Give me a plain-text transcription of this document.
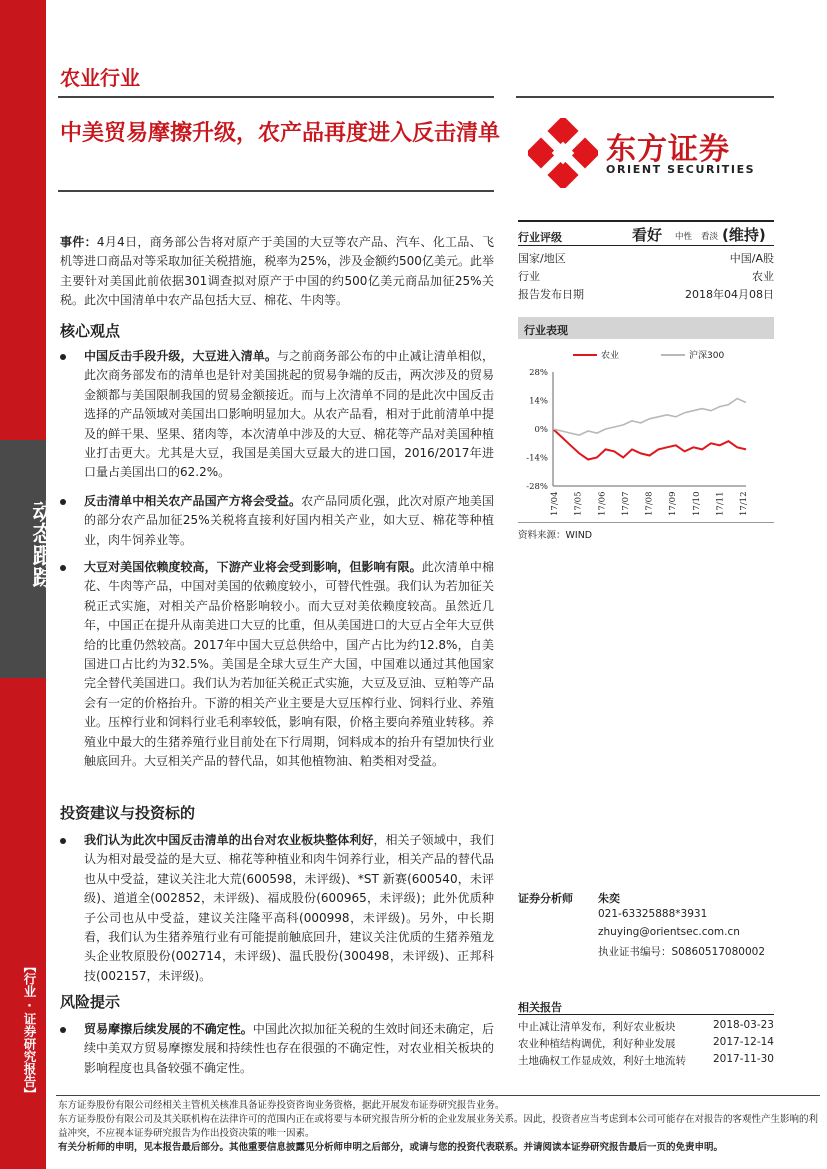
动态跟踪
【行业·证券研究报告】
农业行业
中美贸易摩擦升级，农产品再度进入反击清单	东方证券
ORIENT SECURITIES
事件：4月4日，商务部公告将对原产于美国的大豆等农产品、汽车、化工品、飞机等进口商品对等采取加征关税措施，税率为25%，涉及金额约500亿美元。此举主要针对美国此前依据301调查拟对原产于中国的约500亿美元商品加征25%关税。此次中国清单中农产品包括大豆、棉花、牛肉等。
核心观点
中国反击手段升级，大豆进入清单。与之前商务部公布的中止减让清单相似，此次商务部发布的清单也是针对美国挑起的贸易争端的反击，两次涉及的贸易金额都与美国限制我国的贸易金额接近。而与上次清单不同的是此次中国反击选择的产品领域对美国出口影响明显加大。从农产品看，相对于此前清单中提及的鲜干果、坚果、猪肉等，本次清单中涉及的大豆、棉花等产品对美国种植业打击更大。尤其是大豆，我国是美国大豆最大的进口国，2016/2017年进口量占美国出口的62.2%。
反击清单中相关农产品国产方将会受益。农产品同质化强，此次对原产地美国的部分农产品加征25%关税将直接利好国内相关产业，如大豆、棉花等种植业，肉牛饲养业等。
大豆对美国依赖度较高，下游产业将会受到影响，但影响有限。此次清单中棉花、牛肉等产品，中国对美国的依赖度较小，可替代性强。我们认为若加征关税正式实施，对相关产品价格影响较小。而大豆对美依赖度较高。虽然近几年，中国正在提升从南美进口大豆的比重，但从美国进口的大豆占全年大豆供给的比重仍然较高。2017年中国大豆总供给中，国产占比为约12.8%，自美国进口占比约为32.5%。美国是全球大豆生产大国，中国难以通过其他国家完全替代美国进口。我们认为若加征关税正式实施，大豆及豆油、豆粕等产品会有一定的价格抬升。下游的相关产业主要是大豆压榨行业、饲料行业、养殖业。压榨行业和饲料行业毛利率较低，影响有限，价格主要向养殖业转移。养殖业中最大的生猪养殖行业目前处在下行周期，饲料成本的抬升有望加快行业触底回升。大豆相关产品的替代品，如其他植物油、粕类相对受益。
投资建议与投资标的
我们认为此次中国反击清单的出台对农业板块整体利好，相关子领域中，我们认为相对最受益的是大豆、棉花等种植业和肉牛饲养行业，相关产品的替代品也从中受益，建议关注北大荒(600598，未评级)、*ST 新赛(600540，未评级)、道道全(002852，未评级)、福成股份(600965，未评级)；此外优质种子公司也从中受益，建议关注隆平高科(000998，未评级)。另外，中长期看，我们认为生猪养殖行业有可能提前触底回升，建议关注优质的生猪养殖龙头企业牧原股份(002714，未评级)、温氏股份(300498，未评级)、正邦科技(002157，未评级)。
风险提示
贸易摩擦后续发展的不确定性。中国此次拟加征关税的生效时间还未确定，后续中美双方贸易摩擦发展和持续性也存在很强的不确定性，对农业相关板块的影响程度也具备较强不确定性。
行业评级	看好 中性 看淡 (维持)
国家/地区	中国/A股
行业	农业
报告发布日期	2018年04月08日
行业表现
28%
14%
0%
-14%
-28%
17/04 17/05 17/06 17/07 17/08 17/09 17/10 17/11 17/12
农业	沪深300
资料来源：WIND
证券分析师 朱奕
021-63325888*3931
zhuying@orientsec.com.cn
执业证书编号：S0860517080002
相关报告
中止减让清单发布，利好农业板块	2018-03-23
农业种植结构调优，利好种业发展	2017-12-14
土地确权工作显成效，利好土地流转	2017-11-30
东方证券股份有限公司经相关主管机关核准具备证券投资咨询业务资格，据此开展发布证券研究报告业务。
东方证券股份有限公司及其关联机构在法律许可的范围内正在或将要与本研究报告所分析的企业发展业务关系。因此，投资者应当考虑到本公司可能存在对报告的客观性产生影响的利益冲突，不应视本证券研究报告为作出投资决策的唯一因素。
有关分析师的申明，见本报告最后部分。其他重要信息披露见分析师申明之后部分，或请与您的投资代表联系。并请阅读本证券研究报告最后一页的免责申明。
